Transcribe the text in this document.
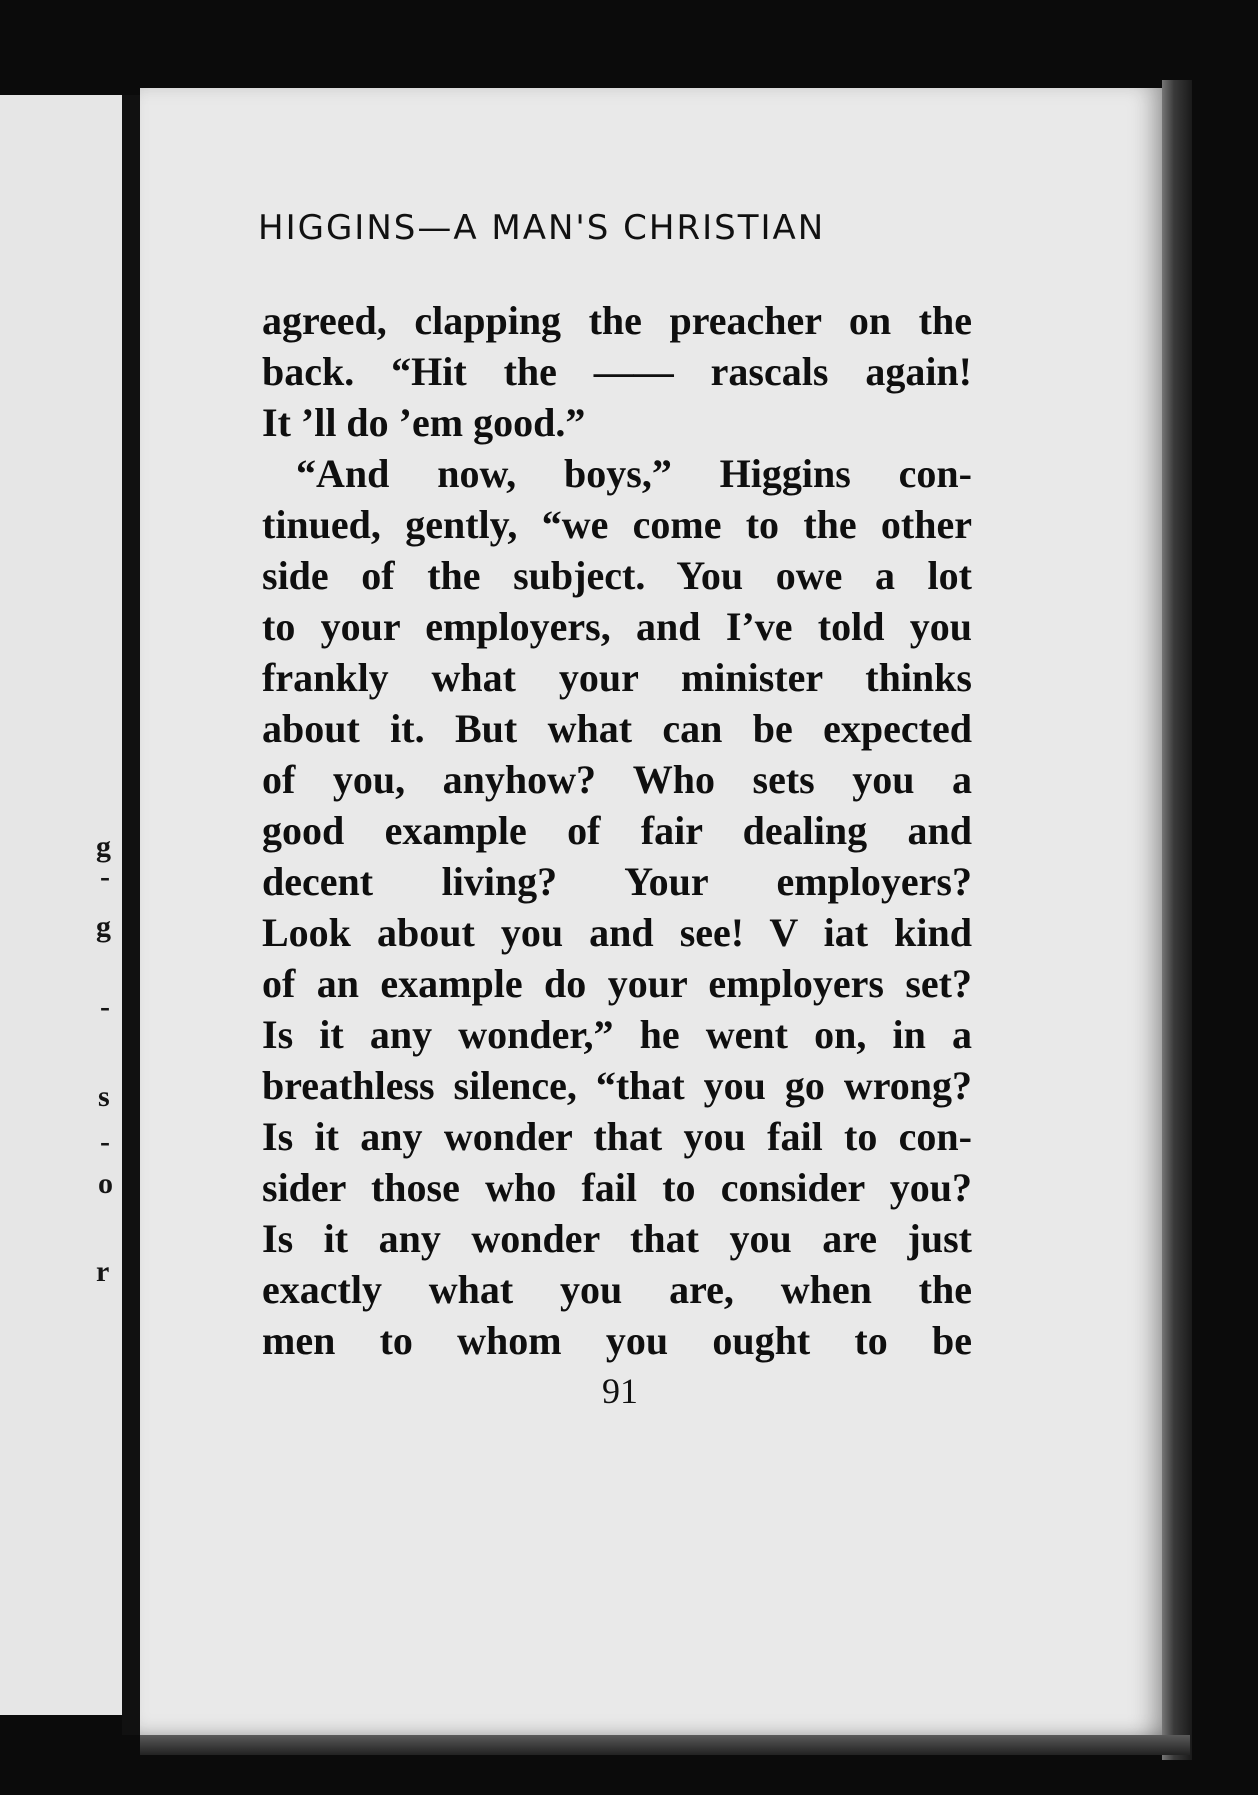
g
-
g
-
s
-
o
r
HIGGINS—A MAN'S CHRISTIAN
agreed, clapping the preacher on the
back. “Hit the —— rascals again!
It ’ll do ’em good.”
“And now, boys,” Higgins con-
tinued, gently, “we come to the other
side of the subject. You owe a lot
to your employers, and I’ve told you
frankly what your minister thinks
about it. But what can be expected
of you, anyhow? Who sets you a
good example of fair dealing and
decent living? Your employers?
Look about you and see! V iat kind
of an example do your employers set?
Is it any wonder,” he went on, in a
breathless silence, “that you go wrong?
Is it any wonder that you fail to con-
sider those who fail to consider you?
Is it any wonder that you are just
exactly what you are, when the
men to whom you ought to be
91
